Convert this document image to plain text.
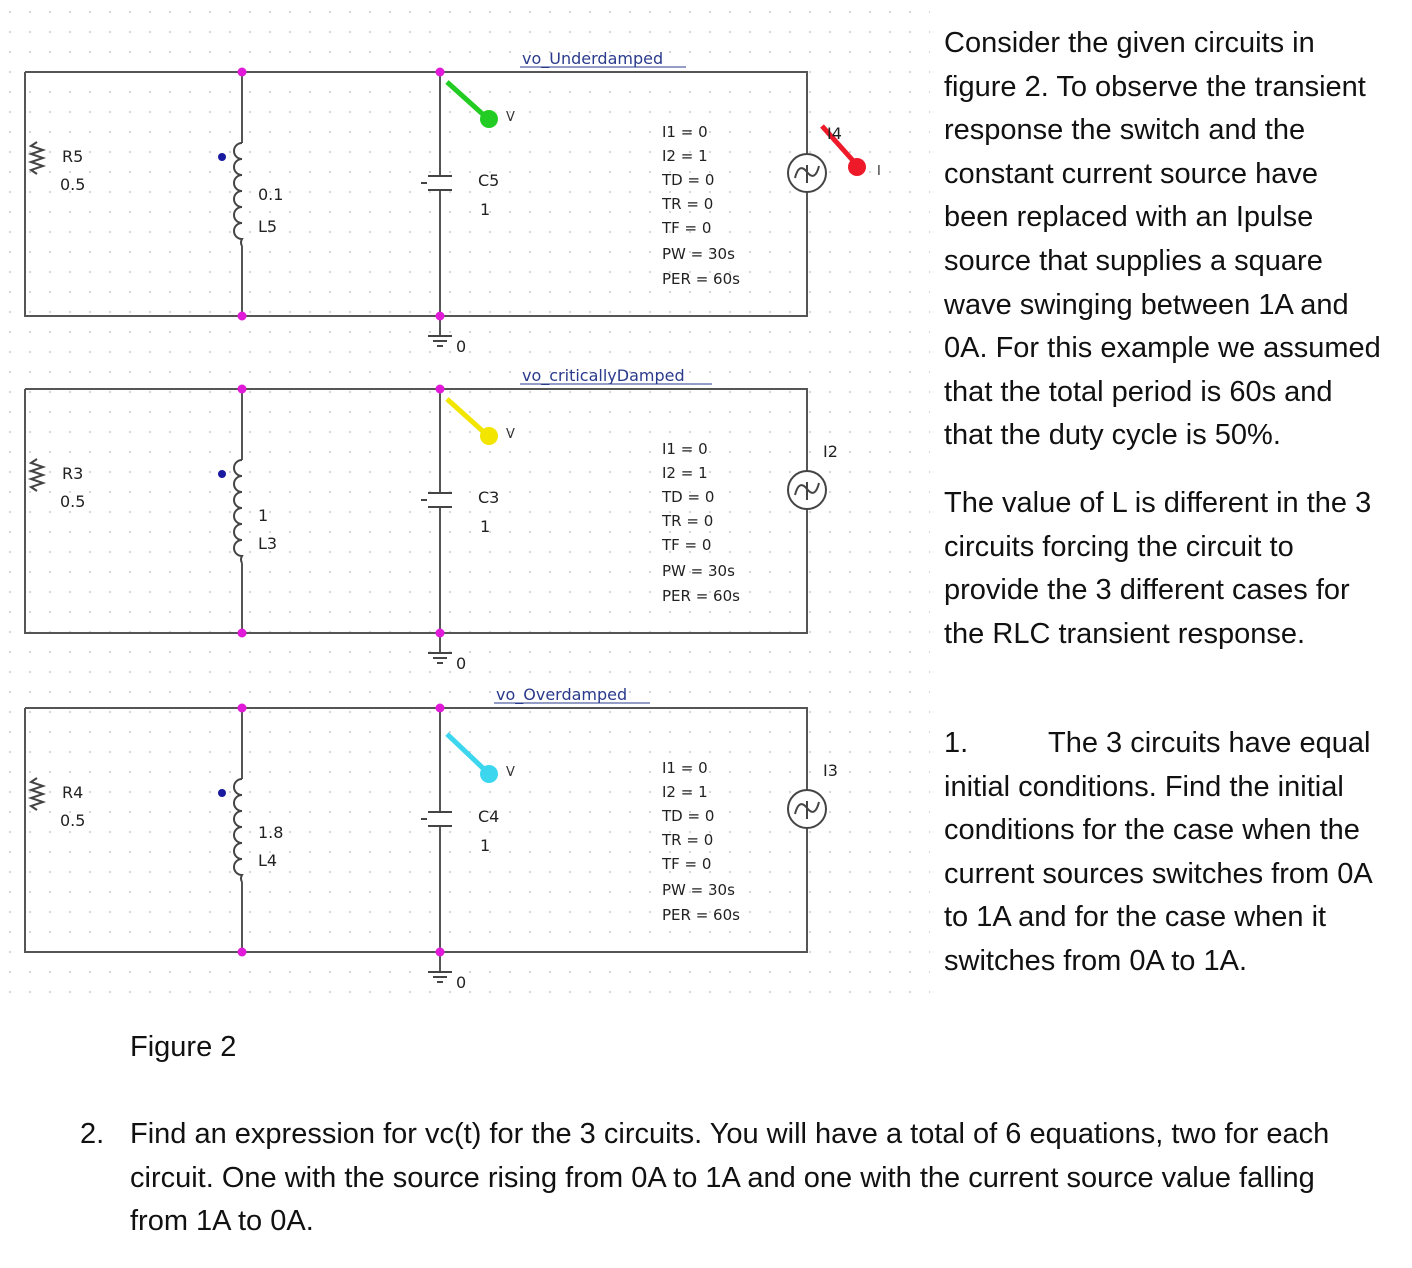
vo_Underdamped
R5
0.5
0.1
L5
C5
1
0
I4
V
I
I1 = 0
I2 = 1
TD = 0
TR = 0
TF = 0
PW = 30s
PER = 60s
vo_criticallyDamped
R3
0.5
1
L3
C3
1
0
I2
V
I1 = 0
I2 = 1
TD = 0
TR = 0
TF = 0
PW = 30s
PER = 60s
vo_Overdamped
R4
0.5
1.8
L4
C4
1
0
I3
V	I1 = 0
I2 = 1
TD = 0
TR = 0
TF = 0
PW = 30s
PER = 60s

Consider the given circuits in figure 2. To observe the transient response the switch and the constant current source have been replaced with an Ipulse source that supplies a square wave swinging between 1A and 0A. For this example we assumed that the total period is 60s and that the duty cycle is 50%.

The value of L is different in the 3 circuits forcing the circuit to provide the 3 different cases for the RLC transient response.

1.	The 3 circuits have equal initial conditions. Find the initial conditions for the case when the current sources switches from 0A to 1A and for the case when it switches from 0A to 1A.
Figure 2
2. Find an expression for vc(t) for the 3 circuits. You will have a total of 6 equations, two for each circuit. One with the source rising from 0A to 1A and one with the current source value falling from 1A to 0A.
